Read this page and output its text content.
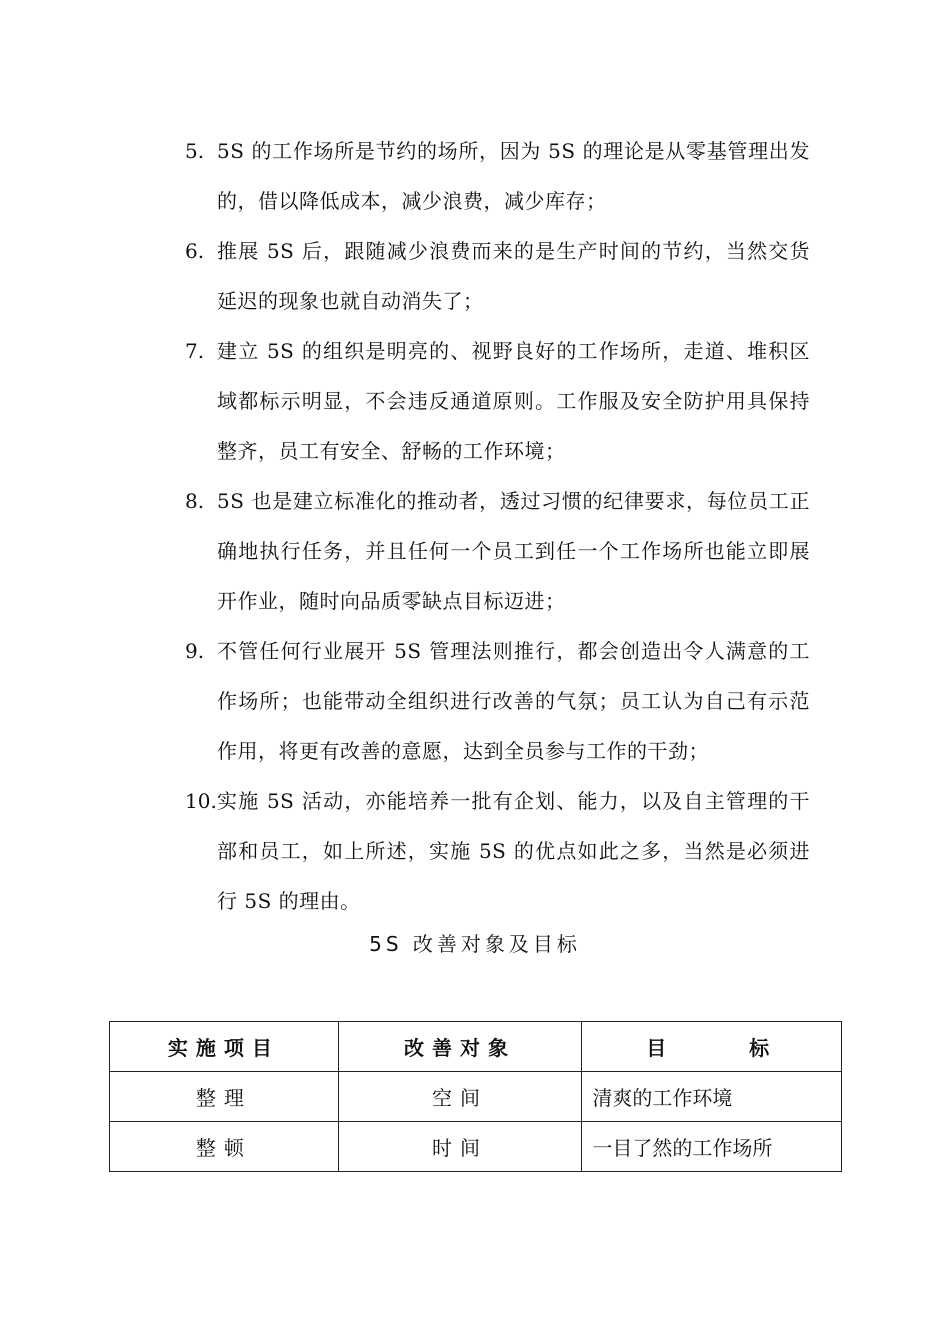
5. 5S 的工作场所是节约的场所，因为 5S 的理论是从零基管理出发的，借以降低成本，减少浪费，减少库存；
6. 推展 5S 后，跟随减少浪费而来的是生产时间的节约，当然交货延迟的现象也就自动消失了；
7. 建立 5S 的组织是明亮的、视野良好的工作场所，走道、堆积区域都标示明显，不会违反通道原则。工作服及安全防护用具保持整齐，员工有安全、舒畅的工作环境；
8. 5S 也是建立标准化的推动者，透过习惯的纪律要求，每位员工正确地执行任务，并且任何一个员工到任一个工作场所也能立即展开作业，随时向品质零缺点目标迈进；
9. 不管任何行业展开 5S 管理法则推行，都会创造出令人满意的工作场所；也能带动全组织进行改善的气氛；员工认为自己有示范作用，将更有改善的意愿，达到全员参与工作的干劲；
10. 实施 5S 活动，亦能培养一批有企划、能力，以及自主管理的干部和员工，如上所述，实施 5S 的优点如此之多，当然是必须进行 5S 的理由。
5S 改善对象及目标
实施项目	改善对象	目 标
整理	空间	清爽的工作环境
整顿	时间	一目了然的工作场所
